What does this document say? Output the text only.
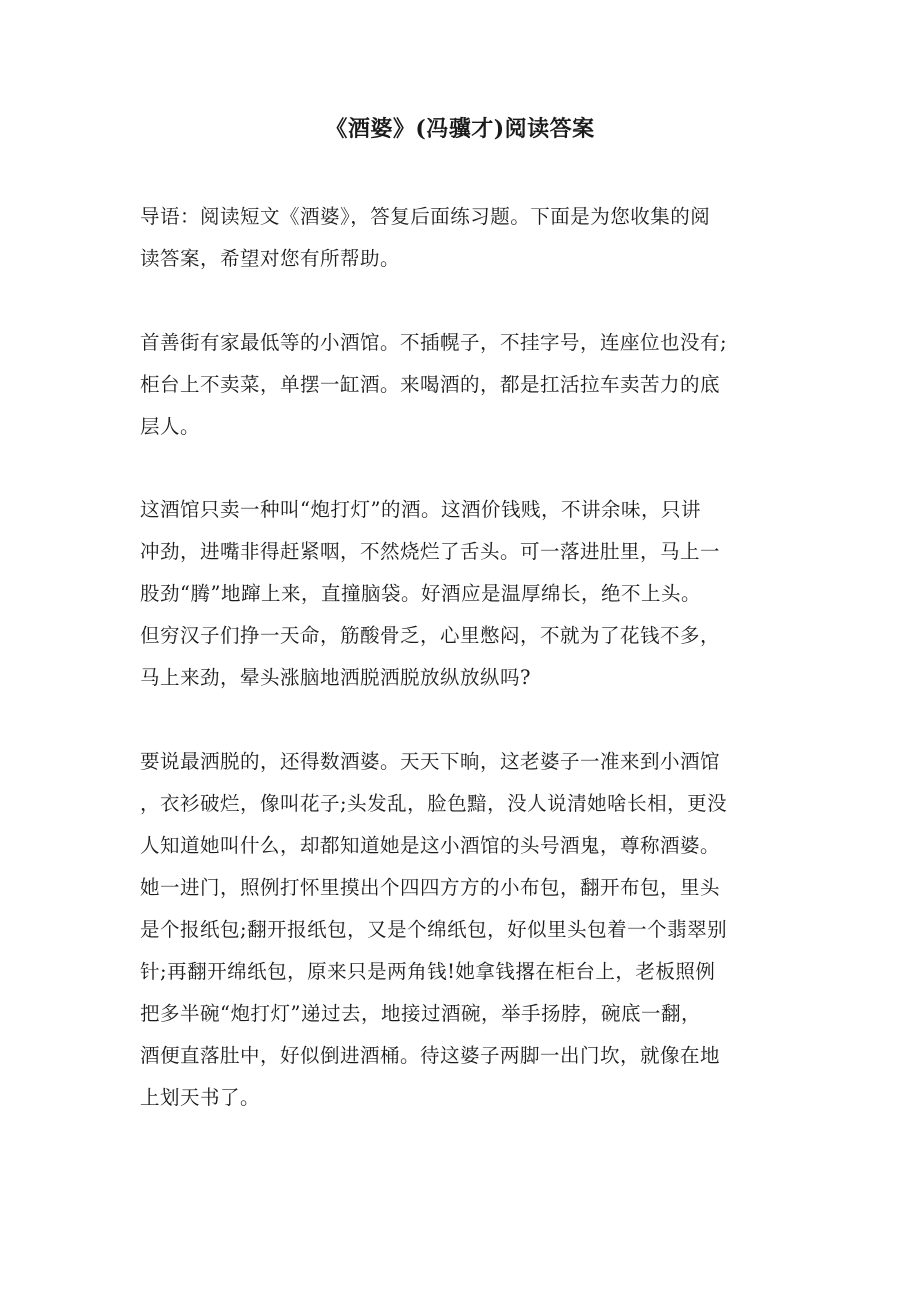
《酒婆》(冯骥才)阅读答案
导语：阅读短文《酒婆》，答复后面练习题。下面是为您收集的阅
读答案，希望对您有所帮助。
首善街有家最低等的小酒馆。不插幌子，不挂字号，连座位也没有;
柜台上不卖菜，单摆一缸酒。来喝酒的，都是扛活拉车卖苦力的底
层人。
这酒馆只卖一种叫“炮打灯”的酒。这酒价钱贱，不讲余味，只讲
冲劲，进嘴非得赶紧咽，不然烧烂了舌头。可一落进肚里，马上一
股劲“腾”地蹿上来，直撞脑袋。好酒应是温厚绵长，绝不上头。
但穷汉子们挣一天命，筋酸骨乏，心里憋闷，不就为了花钱不多，
马上来劲，晕头涨脑地洒脱洒脱放纵放纵吗?
要说最洒脱的，还得数酒婆。天天下晌，这老婆子一准来到小酒馆
，衣衫破烂，像叫花子;头发乱，脸色黯，没人说清她啥长相，更没
人知道她叫什么，却都知道她是这小酒馆的头号酒鬼，尊称酒婆。
她一进门，照例打怀里摸出个四四方方的小布包，翻开布包，里头
是个报纸包;翻开报纸包，又是个绵纸包，好似里头包着一个翡翠别
针;再翻开绵纸包，原来只是两角钱!她拿钱撂在柜台上，老板照例
把多半碗“炮打灯”递过去，地接过酒碗，举手扬脖，碗底一翻，
酒便直落肚中，好似倒进酒桶。待这婆子两脚一出门坎，就像在地
上划天书了。
